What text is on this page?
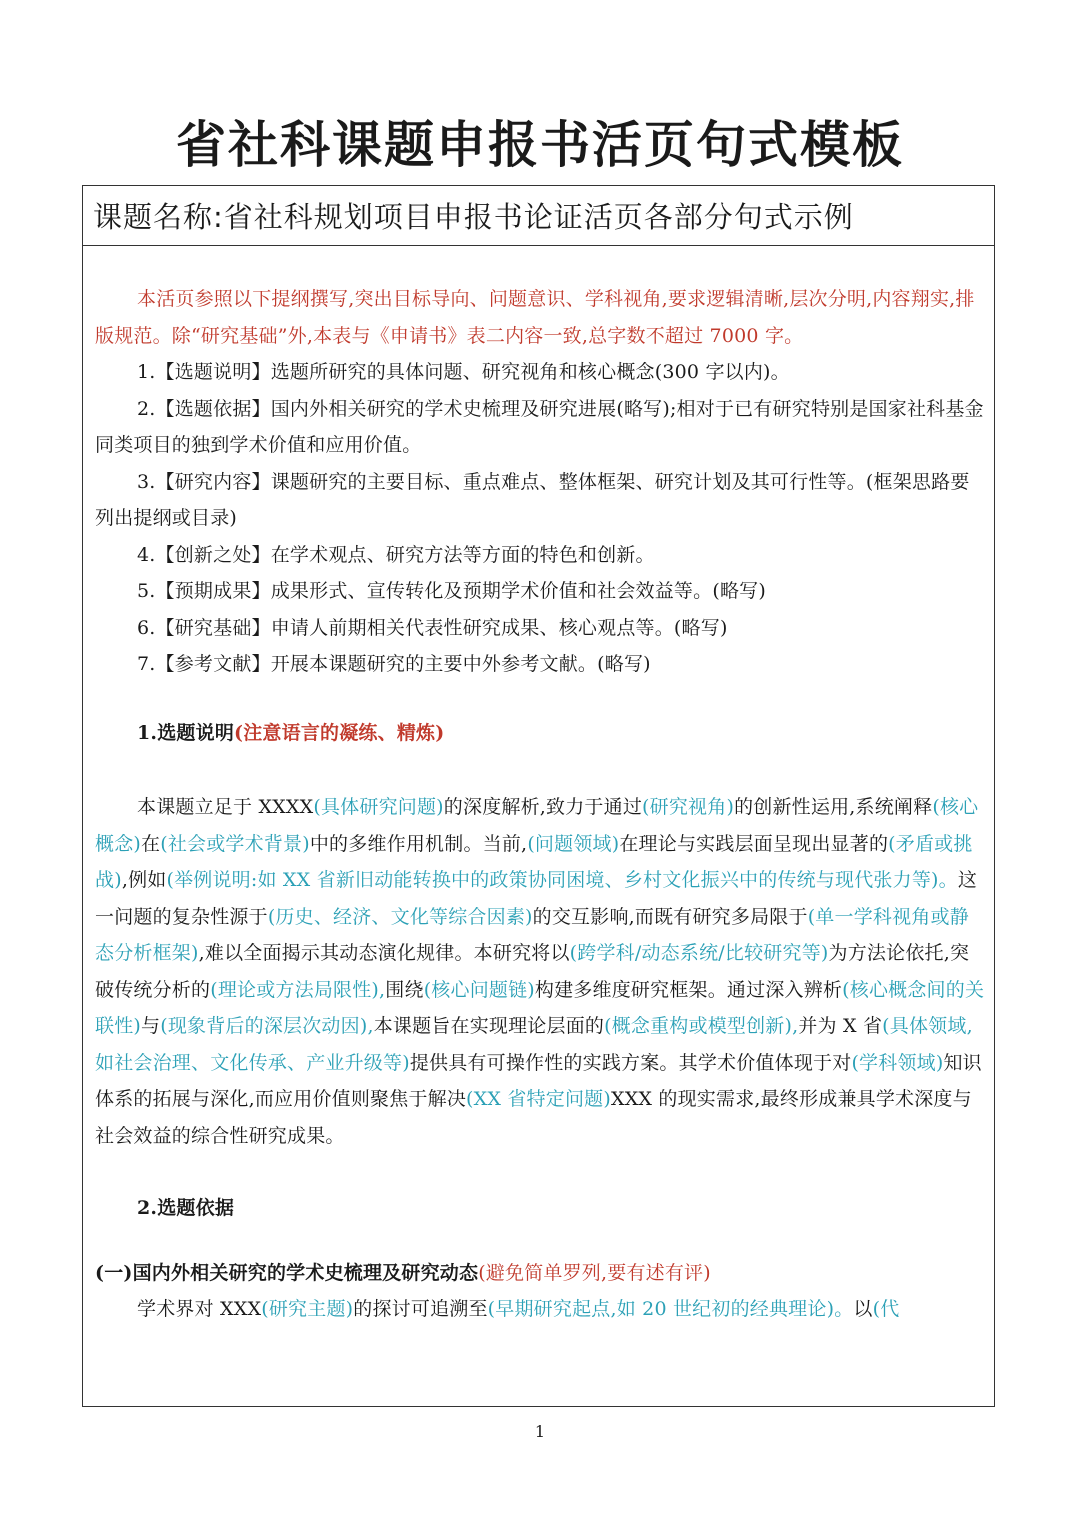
省社科课题申报书活页句式模板
课题名称:省社科规划项目申报书论证活页各部分句式示例

本活页参照以下提纲撰写,突出目标导向、问题意识、学科视角,要求逻辑清晰,层次分明,内容翔实,排版规范。除“研究基础”外,本表与《申请书》表二内容一致,总字数不超过 7000 字。

1.【选题说明】选题所研究的具体问题、研究视角和核心概念(300 字以内)。

2.【选题依据】国内外相关研究的学术史梳理及研究进展(略写);相对于已有研究特别是国家社科基金同类项目的独到学术价值和应用价值。

3.【研究内容】课题研究的主要目标、重点难点、整体框架、研究计划及其可行性等。(框架思路要列出提纲或目录)

4.【创新之处】在学术观点、研究方法等方面的特色和创新。

5.【预期成果】成果形式、宣传转化及预期学术价值和社会效益等。(略写)

6.【研究基础】申请人前期相关代表性研究成果、核心观点等。(略写)

7.【参考文献】开展本课题研究的主要中外参考文献。(略写)

1.选题说明(注意语言的凝练、精炼)

本课题立足于 XXXX(具体研究问题)的深度解析,致力于通过(研究视角)的创新性运用,系统阐释(核心概念)在(社会或学术背景)中的多维作用机制。当前,(问题领域)在理论与实践层面呈现出显著的(矛盾或挑战),例如(举例说明:如 XX 省新旧动能转换中的政策协同困境、乡村文化振兴中的传统与现代张力等)。这一问题的复杂性源于(历史、经济、文化等综合因素)的交互影响,而既有研究多局限于(单一学科视角或静态分析框架),难以全面揭示其动态演化规律。本研究将以(跨学科/动态系统/比较研究等)为方法论依托,突破传统分析的(理论或方法局限性),围绕(核心问题链)构建多维度研究框架。通过深入辨析(核心概念间的关联性)与(现象背后的深层次动因),本课题旨在实现理论层面的(概念重构或模型创新),并为 X 省(具体领域,如社会治理、文化传承、产业升级等)提供具有可操作性的实践方案。其学术价值体现于对(学科领域)知识体系的拓展与深化,而应用价值则聚焦于解决(XX 省特定问题)XXX 的现实需求,最终形成兼具学术深度与社会效益的综合性研究成果。

2.选题依据

(一)国内外相关研究的学术史梳理及研究动态(避免简单罗列,要有述有评)

学术界对 XXX(研究主题)的探讨可追溯至(早期研究起点,如 20 世纪初的经典理论)。以(代

1
